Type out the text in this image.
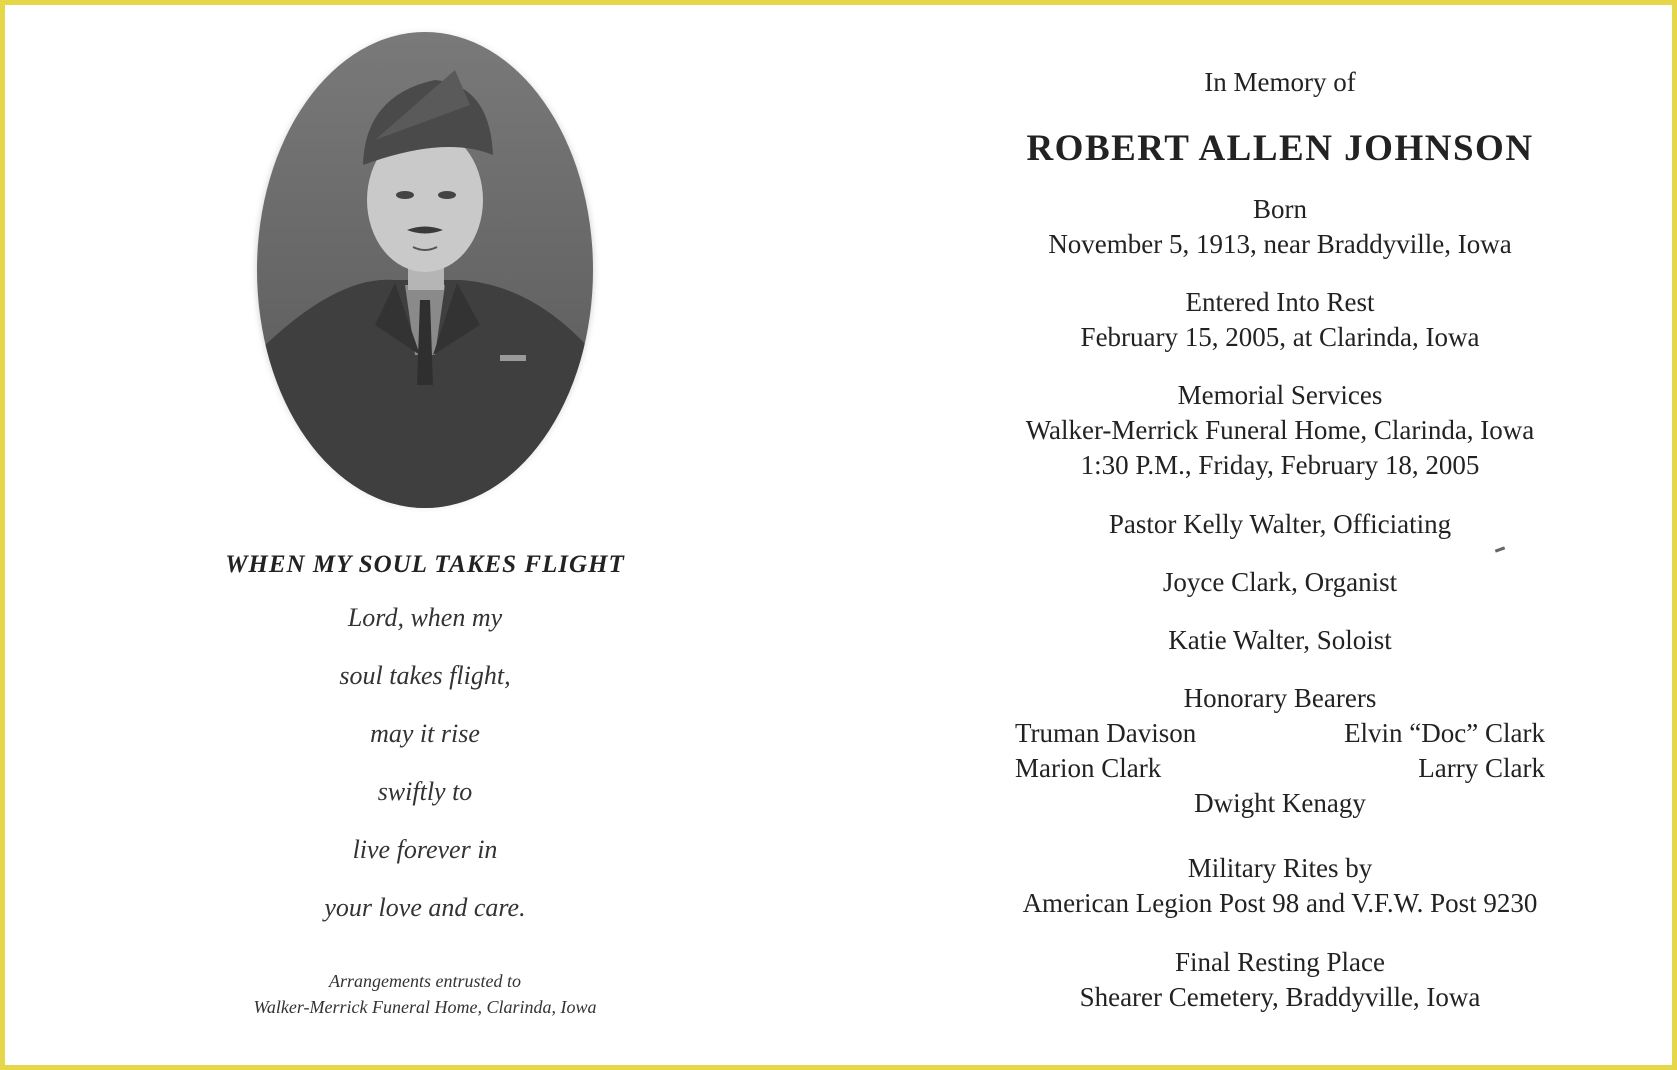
WHEN MY SOUL TAKES FLIGHT
Lord, when my
soul takes flight,
may it rise
swiftly to
live forever in
your love and care.
Arrangements entrusted to
Walker-Merrick Funeral Home, Clarinda, Iowa
In Memory of
ROBERT ALLEN JOHNSON
Born
November 5, 1913, near Braddyville, Iowa
Entered Into Rest
February 15, 2005, at Clarinda, Iowa
Memorial Services
Walker-Merrick Funeral Home, Clarinda, Iowa
1:30 P.M., Friday, February 18, 2005
Pastor Kelly Walter, Officiating
Joyce Clark, Organist
Katie Walter, Soloist
Honorary Bearers
Truman Davison	Elvin “Doc” Clark
Marion Clark	Larry Clark
Dwight Kenagy
Military Rites by
American Legion Post 98 and V.F.W. Post 9230
Final Resting Place
Shearer Cemetery, Braddyville, Iowa
